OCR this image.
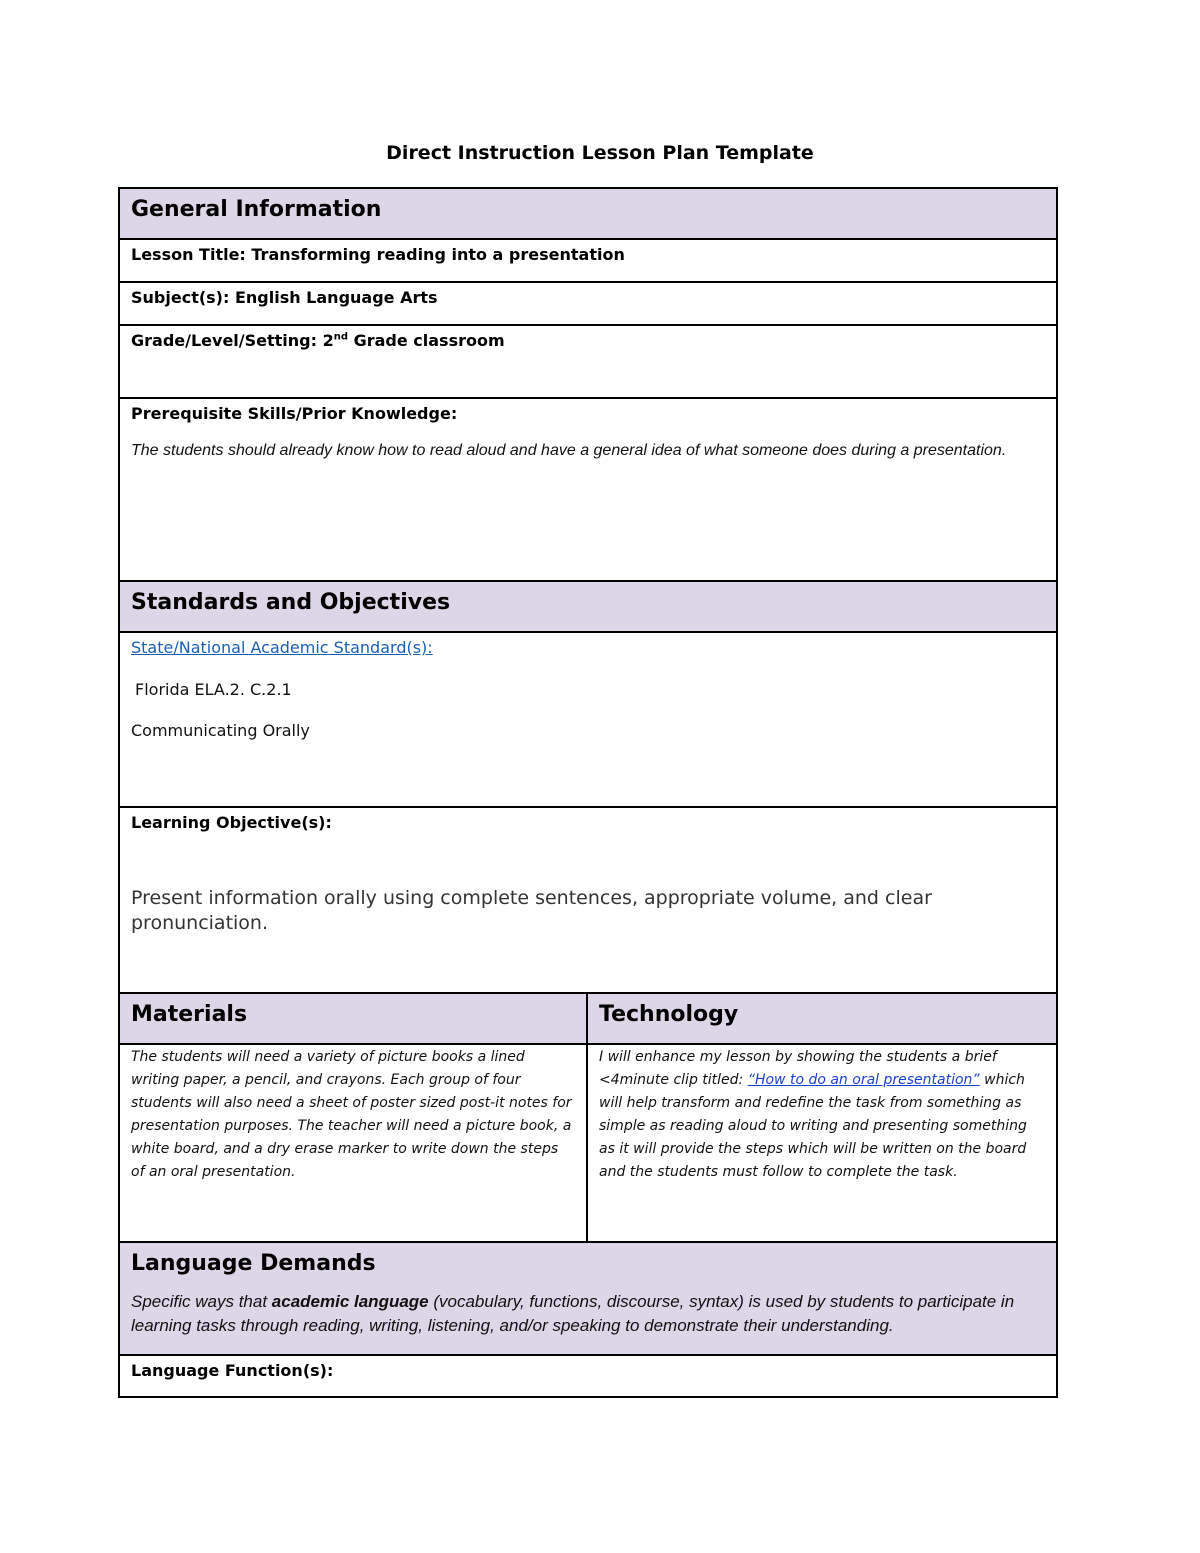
Direct Instruction Lesson Plan Template
General Information
Lesson Title: Transforming reading into a presentation
Subject(s): English Language Arts
Grade/Level/Setting: 2nd Grade classroom
Prerequisite Skills/Prior Knowledge:
The students should already know how to read aloud and have a general idea of what someone does during a presentation.
Standards and Objectives
State/National Academic Standard(s):
Florida ELA.2. C.2.1
Communicating Orally
Learning Objective(s):
Present information orally using complete sentences, appropriate volume, and clear pronunciation.
Materials	Technology
The students will need a variety of picture books a lined writing paper, a pencil, and crayons. Each group of four students will also need a sheet of poster sized post-it notes for presentation purposes. The teacher will need a picture book, a white board, and a dry erase marker to write down the steps of an oral presentation.
I will enhance my lesson by showing the students a brief <4minute clip titled: “How to do an oral presentation” which will help transform and redefine the task from something as simple as reading aloud to writing and presenting something as it will provide the steps which will be written on the board and the students must follow to complete the task.
Language Demands
Specific ways that academic language (vocabulary, functions, discourse, syntax) is used by students to participate in learning tasks through reading, writing, listening, and/or speaking to demonstrate their understanding.
Language Function(s):
